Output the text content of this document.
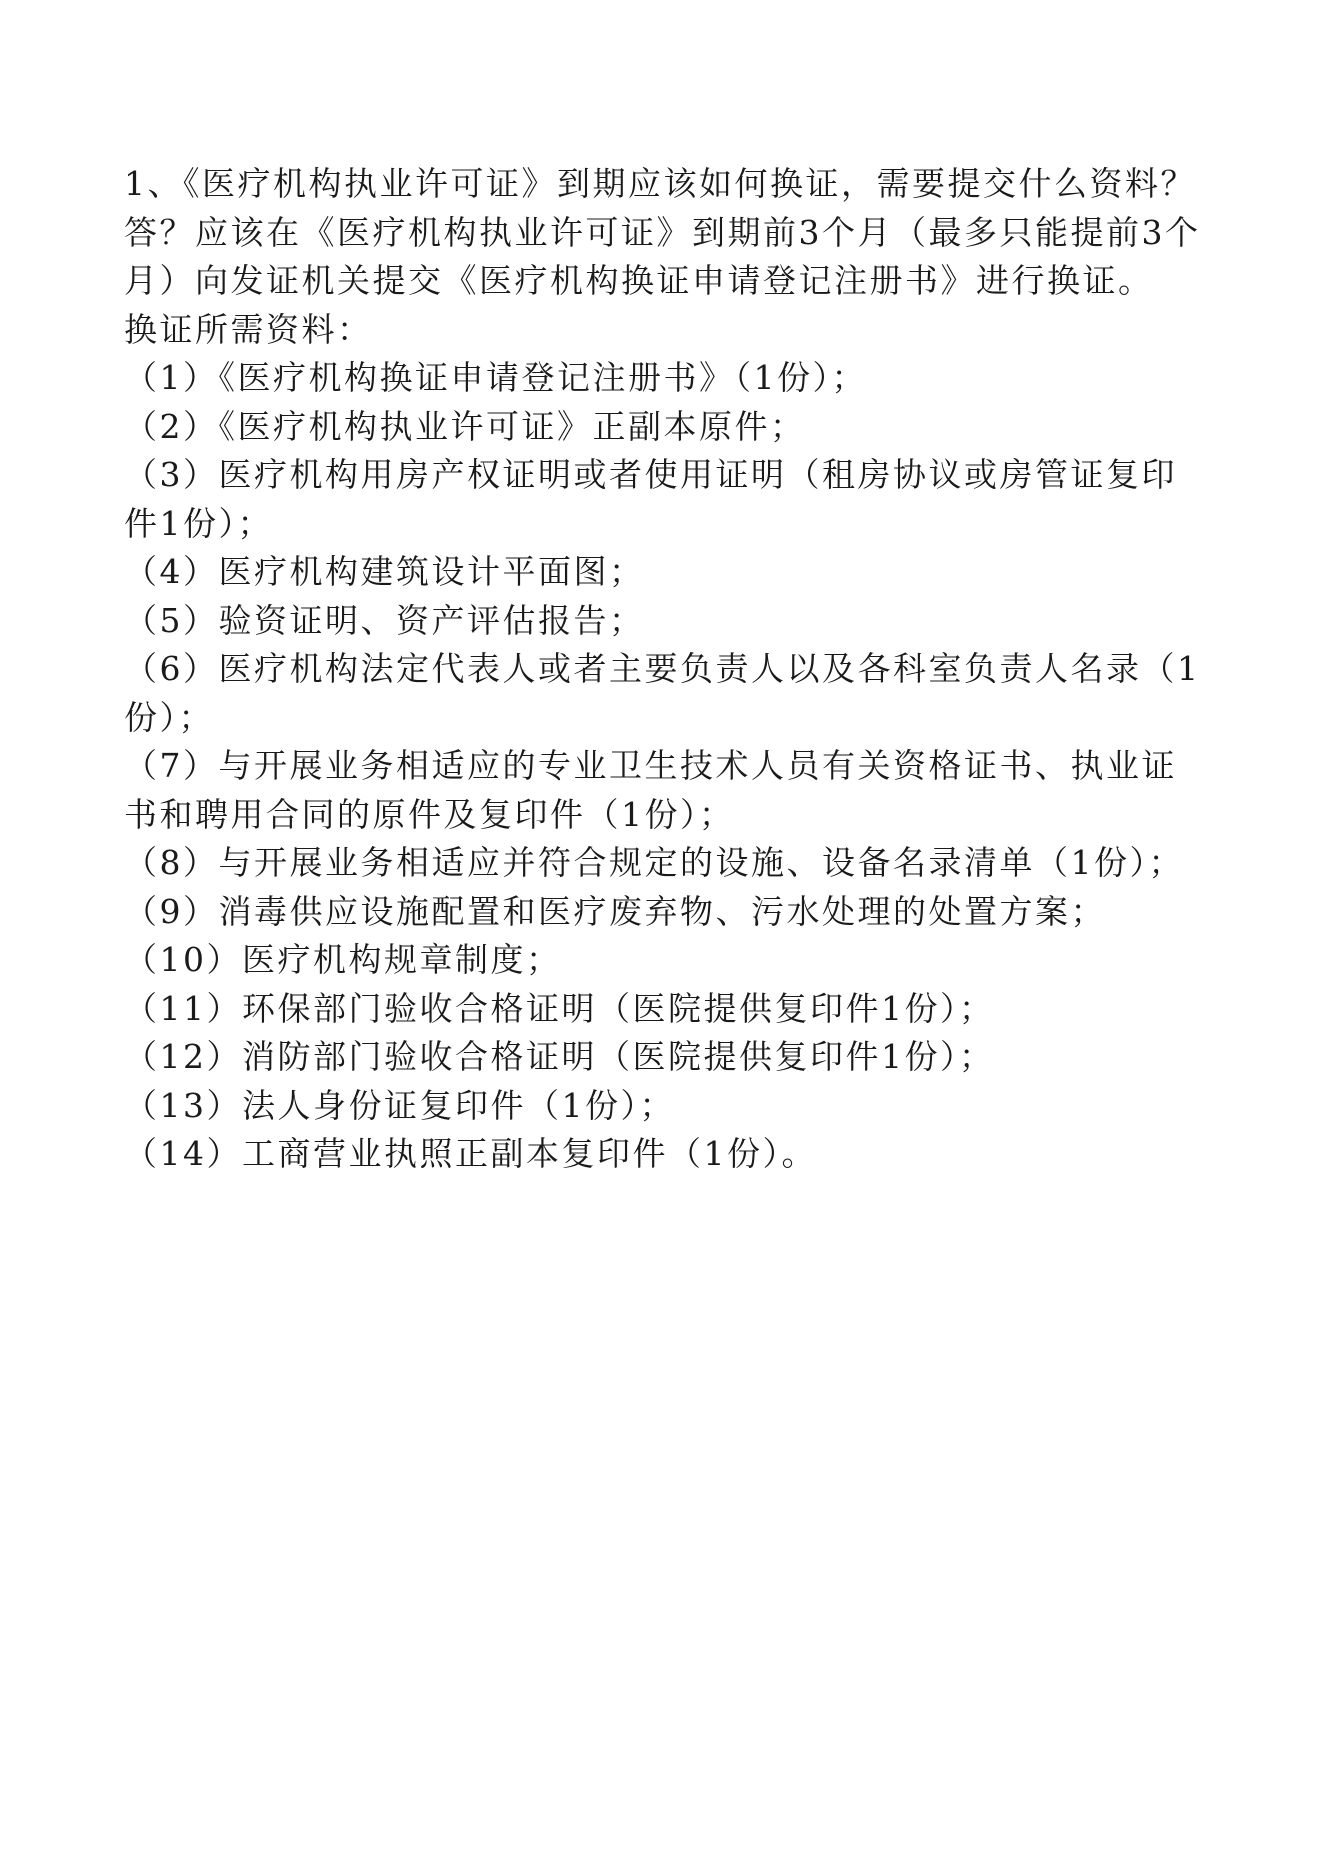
1、《医疗机构执业许可证》到期应该如何换证，需要提交什么资料？

答？应该在《医疗机构执业许可证》到期前3个月（最多只能提前3个月）向发证机关提交《医疗机构换证申请登记注册书》进行换证。

换证所需资料：

（1）《医疗机构换证申请登记注册书》（1份）；

（2）《医疗机构执业许可证》正副本原件；

（3）医疗机构用房产权证明或者使用证明（租房协议或房管证复印件1份）；

（4）医疗机构建筑设计平面图；

（5）验资证明、资产评估报告；

（6）医疗机构法定代表人或者主要负责人以及各科室负责人名录（1份）；

（7）与开展业务相适应的专业卫生技术人员有关资格证书、执业证书和聘用合同的原件及复印件（1份）；

（8）与开展业务相适应并符合规定的设施、设备名录清单（1份）；

（9）消毒供应设施配置和医疗废弃物、污水处理的处置方案；

（10）医疗机构规章制度；

（11）环保部门验收合格证明（医院提供复印件1份）；

（12）消防部门验收合格证明（医院提供复印件1份）；

（13）法人身份证复印件（1份）；

（14）工商营业执照正副本复印件（1份）。
